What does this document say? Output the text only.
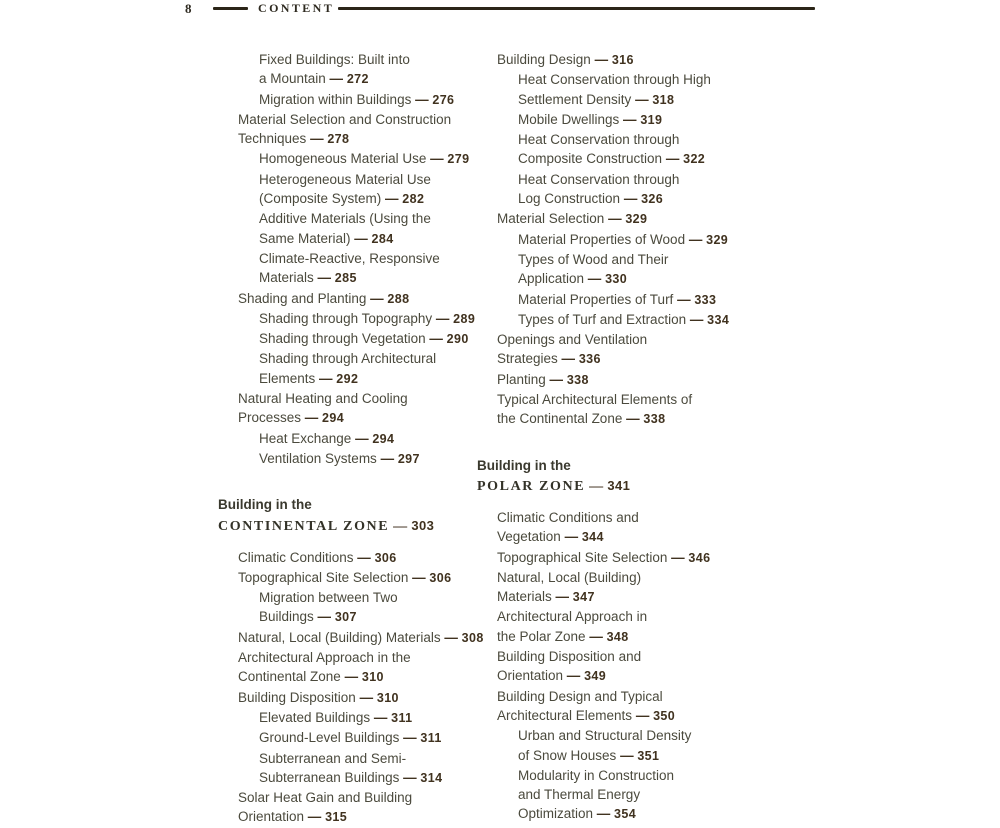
8	CONTENT
Fixed Buildings: Built into
a Mountain — 272
Migration within Buildings — 276
Material Selection and Construction
Techniques — 278
Homogeneous Material Use — 279
Heterogeneous Material Use
(Composite System) — 282
Additive Materials (Using the
Same Material) — 284
Climate-Reactive, Responsive
Materials — 285
Shading and Planting — 288
Shading through Topography — 289
Shading through Vegetation — 290
Shading through Architectural
Elements — 292
Natural Heating and Cooling
Processes — 294
Heat Exchange — 294
Ventilation Systems — 297
Building in the
CONTINENTAL ZONE — 303
Climatic Conditions — 306
Topographical Site Selection — 306
Migration between Two
Buildings — 307
Natural, Local (Building) Materials — 308
Architectural Approach in the
Continental Zone — 310
Building Disposition — 310
Elevated Buildings — 311
Ground-Level Buildings — 311
Subterranean and Semi-
Subterranean Buildings — 314
Solar Heat Gain and Building
Orientation — 315
Building Design — 316
Heat Conservation through High
Settlement Density — 318
Mobile Dwellings — 319
Heat Conservation through
Composite Construction — 322
Heat Conservation through
Log Construction — 326
Material Selection — 329
Material Properties of Wood — 329
Types of Wood and Their
Application — 330
Material Properties of Turf — 333
Types of Turf and Extraction — 334
Openings and Ventilation
Strategies — 336
Planting — 338
Typical Architectural Elements of
the Continental Zone — 338
Building in the
POLAR ZONE — 341
Climatic Conditions and
Vegetation — 344
Topographical Site Selection — 346
Natural, Local (Building)
Materials — 347
Architectural Approach in
the Polar Zone — 348
Building Disposition and
Orientation — 349
Building Design and Typical
Architectural Elements — 350
Urban and Structural Density
of Snow Houses — 351
Modularity in Construction
and Thermal Energy
Optimization — 354
